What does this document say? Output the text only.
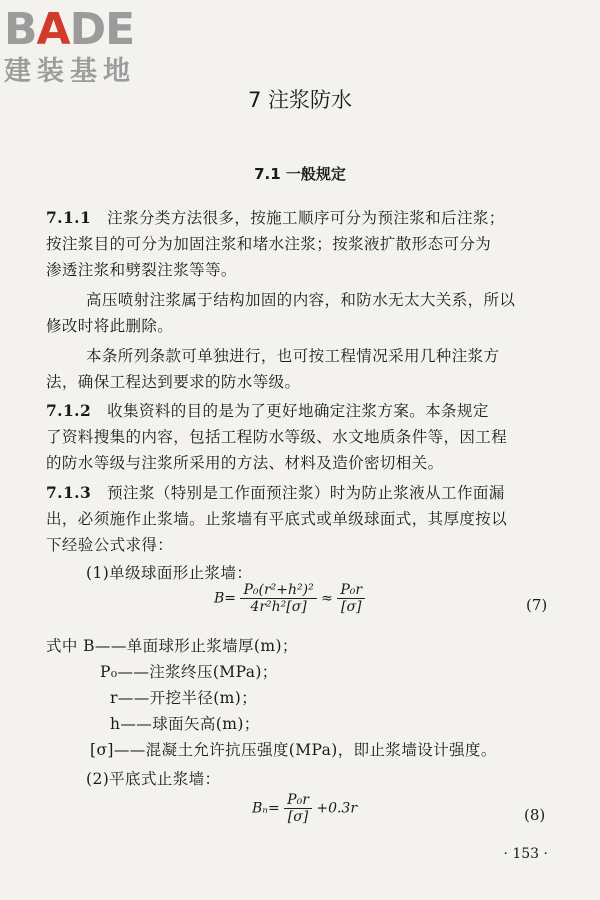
BADE
建装基地
7 注浆防水
7.1 一般规定
7.1.1 注浆分类方法很多，按施工顺序可分为预注浆和后注浆；
按注浆目的可分为加固注浆和堵水注浆；按浆液扩散形态可分为
渗透注浆和劈裂注浆等等。
高压喷射注浆属于结构加固的内容，和防水无太大关系，所以
修改时将此删除。
本条所列条款可单独进行，也可按工程情况采用几种注浆方
法，确保工程达到要求的防水等级。
7.1.2 收集资料的目的是为了更好地确定注浆方案。本条规定
了资料搜集的内容，包括工程防水等级、水文地质条件等，因工程
的防水等级与注浆所采用的方法、材料及造价密切相关。
7.1.3 预注浆（特别是工作面预注浆）时为防止浆液从工作面漏
出，必须施作止浆墙。止浆墙有平底式或单级球面式，其厚度按以
下经验公式求得：
(1)单级球面形止浆墙：
$B= \frac{\text{P₀(r²+h²)²}}{\text{4r²h²[σ]}} \approx \frac{\text{P₀r}}{[\sigma]}$	(7)
式中 B——单面球形止浆墙厚(m)；
P₀——注浆终压(MPa)；
r——开挖半径(m)；
h——球面矢高(m)；
[σ]——混凝土允许抗压强度(MPa)，即止浆墙设计强度。
(2)平底式止浆墙：
$B_n= \frac{\text{P₀r}}{[\sigma]} +0.3r$	(8)
· 153 ·
